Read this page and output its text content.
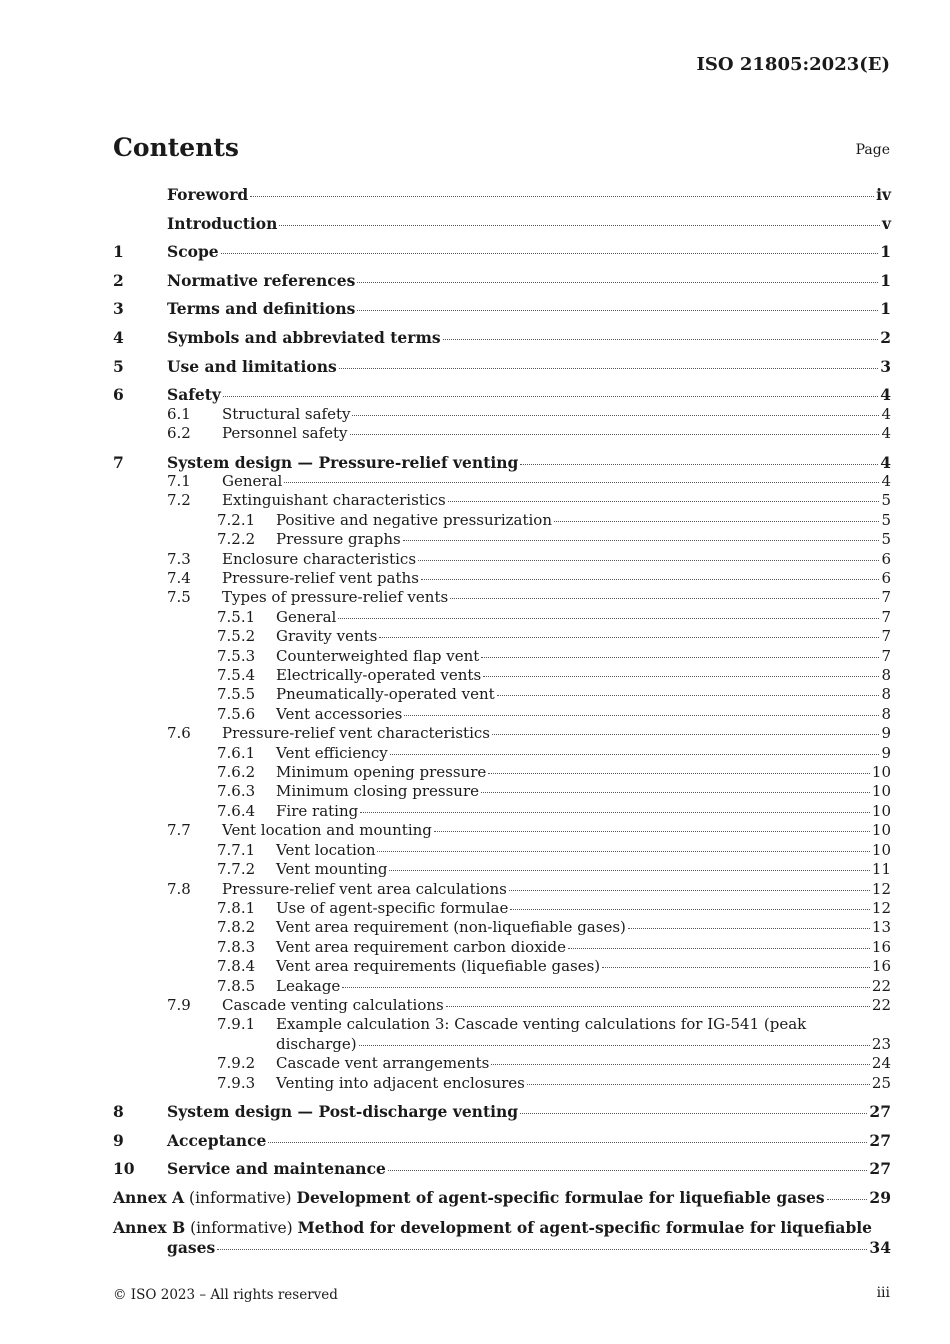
ISO 21805:2023(E)
Contents	Page
Foreword	iv
Introduction	v
1	Scope	1
2	Normative references	1
3	Terms and definitions	1
4	Symbols and abbreviated terms	2
5	Use and limitations	3
6	Safety	4
6.1	Structural safety	4
6.2	Personnel safety	4
7	System design — Pressure-relief venting	4
7.1	General	4
7.2	Extinguishant characteristics	5
7.2.1	Positive and negative pressurization	5
7.2.2	Pressure graphs	5
7.3	Enclosure characteristics	6
7.4	Pressure-relief vent paths	6
7.5	Types of pressure-relief vents	7
7.5.1	General	7
7.5.2	Gravity vents	7
7.5.3	Counterweighted flap vent	7
7.5.4	Electrically-operated vents	8
7.5.5	Pneumatically-operated vent	8
7.5.6	Vent accessories	8
7.6	Pressure-relief vent characteristics	9
7.6.1	Vent efficiency	9
7.6.2	Minimum opening pressure	10
7.6.3	Minimum closing pressure	10
7.6.4	Fire rating	10
7.7	Vent location and mounting	10
7.7.1	Vent location	10
7.7.2	Vent mounting	11
7.8	Pressure-relief vent area calculations	12
7.8.1	Use of agent-specific formulae	12
7.8.2	Vent area requirement (non-liquefiable gases)	13
7.8.3	Vent area requirement carbon dioxide	16
7.8.4	Vent area requirements (liquefiable gases)	16
7.8.5	Leakage	22
7.9	Cascade venting calculations	22
7.9.1	Example calculation 3: Cascade venting calculations for IG-541 (peak
discharge)	23
7.9.2	Cascade vent arrangements	24
7.9.3	Venting into adjacent enclosures	25
8	System design — Post-discharge venting	27
9	Acceptance	27
10	Service and maintenance	27
Annex A (informative) Development of agent-specific formulae for liquefiable gases	29
Annex B (informative) Method for development of agent-specific formulae for liquefiable
gases	34
© ISO 2023 – All rights reserved	iii
